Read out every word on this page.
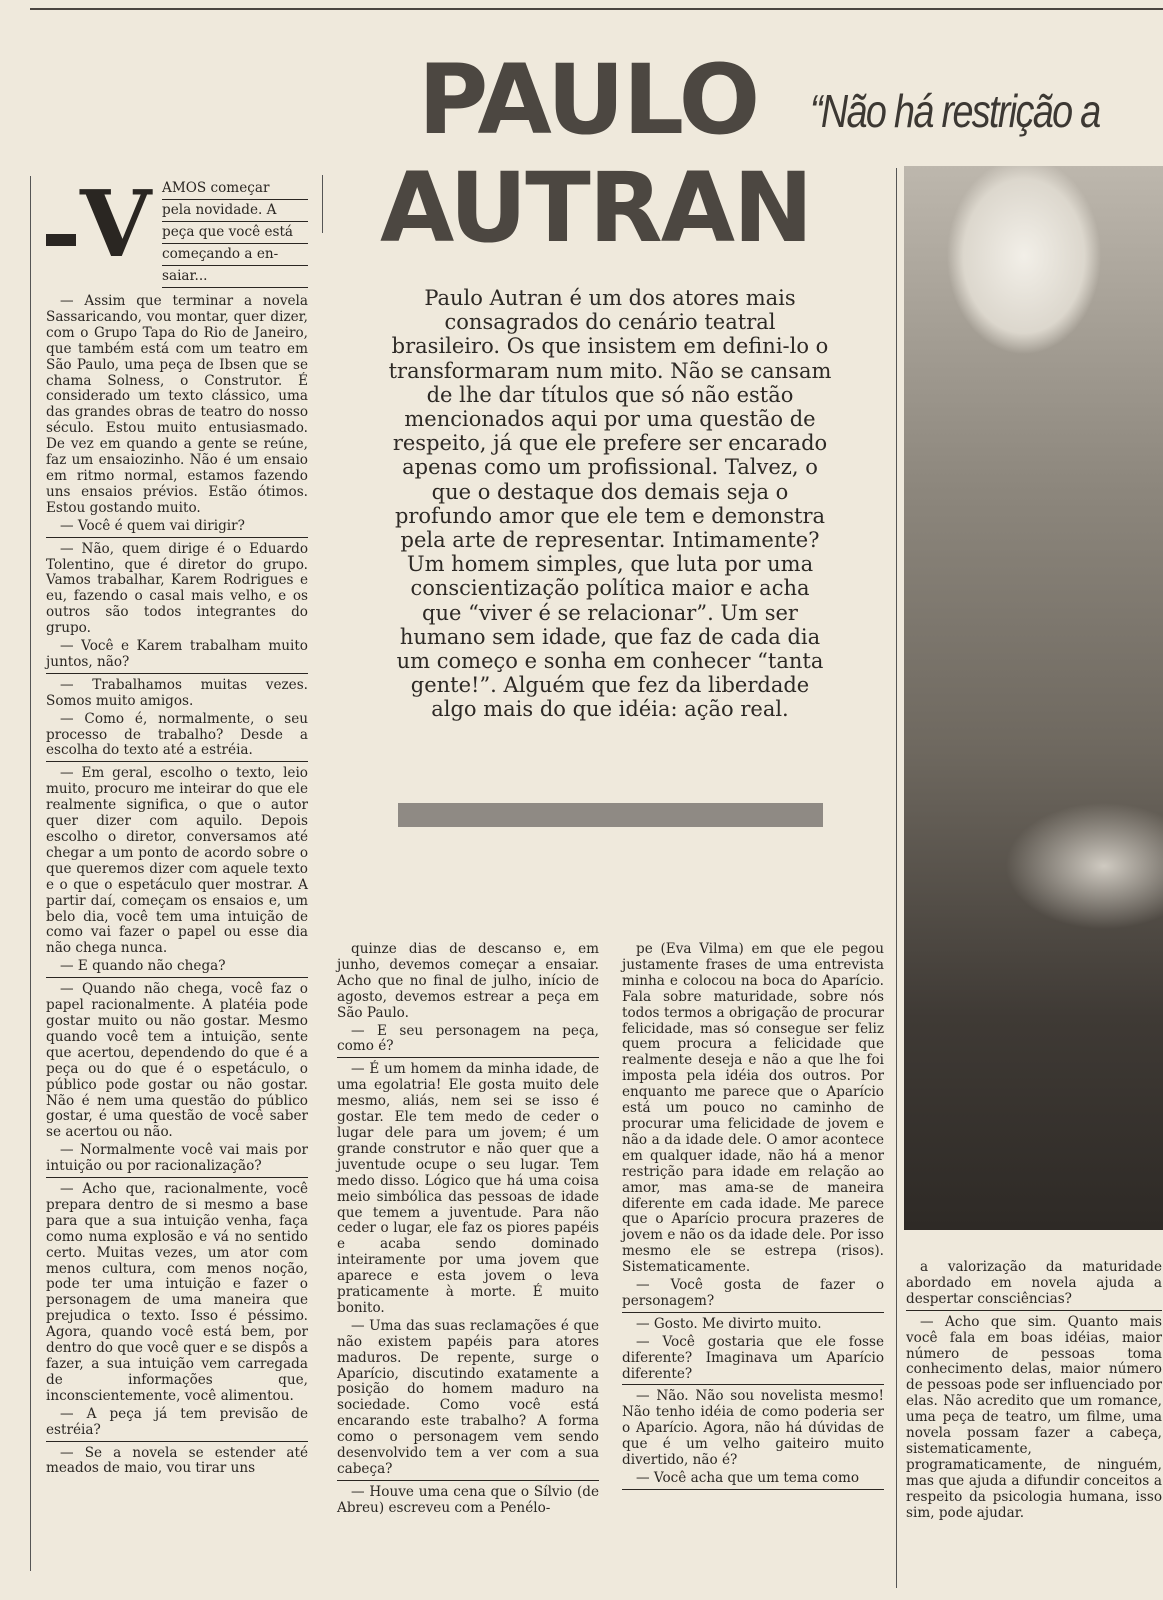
PAULO
AUTRAN
“Não há restrição a
Paulo Autran é um dos atores mais consagrados do cenário teatral brasileiro. Os que insistem em defini-lo o transformaram num mito. Não se cansam de lhe dar títulos que só não estão mencionados aqui por uma questão de respeito, já que ele prefere ser encarado apenas como um profissional. Talvez, o que o destaque dos demais seja o profundo amor que ele tem e demonstra pela arte de representar. Intimamente? Um homem simples, que luta por uma conscientização política maior e acha que “viver é se relacionar”. Um ser humano sem idade, que faz de cada dia um começo e sonha em conhecer “tanta gente!”. Alguém que fez da liberdade algo mais do que idéia: ação real.
V AMOS começar
pela novidade. A
peça que você está
começando a en-
saiar...

— Assim que terminar a novela Sassaricando, vou montar, quer dizer, com o Grupo Tapa do Rio de Janeiro, que também está com um teatro em São Paulo, uma peça de Ibsen que se chama Solness, o Construtor. É considerado um texto clássico, uma das grandes obras de teatro do nosso século. Estou muito entusiasmado. De vez em quando a gente se reúne, faz um ensaiozinho. Não é um ensaio em ritmo normal, estamos fazendo uns ensaios prévios. Estão ótimos. Estou gostando muito.

— Você é quem vai dirigir?

— Não, quem dirige é o Eduardo Tolentino, que é diretor do grupo. Vamos trabalhar, Karem Rodrigues e eu, fazendo o casal mais velho, e os outros são todos integrantes do grupo.

— Você e Karem trabalham muito juntos, não?

— Trabalhamos muitas vezes. Somos muito amigos.

— Como é, normalmente, o seu processo de trabalho? Desde a escolha do texto até a estréia.

— Em geral, escolho o texto, leio muito, procuro me inteirar do que ele realmente significa, o que o autor quer dizer com aquilo. Depois escolho o diretor, conversamos até chegar a um ponto de acordo sobre o que queremos dizer com aquele texto e o que o espetáculo quer mostrar. A partir daí, começam os ensaios e, um belo dia, você tem uma intuição de como vai fazer o papel ou esse dia não chega nunca.

— E quando não chega?

— Quando não chega, você faz o papel racionalmente. A platéia pode gostar muito ou não gostar. Mesmo quando você tem a intuição, sente que acertou, dependendo do que é a peça ou do que é o espetáculo, o público pode gostar ou não gostar. Não é nem uma questão do público gostar, é uma questão de você saber se acertou ou não.

— Normalmente você vai mais por intuição ou por racionalização?

— Acho que, racionalmente, você prepara dentro de si mesmo a base para que a sua intuição venha, faça como numa explosão e vá no sentido certo. Muitas vezes, um ator com menos cultura, com menos noção, pode ter uma intuição e fazer o personagem de uma maneira que prejudica o texto. Isso é péssimo. Agora, quando você está bem, por dentro do que você quer e se dispôs a fazer, a sua intuição vem carregada de informações que, inconscientemente, você alimentou.

— A peça já tem previsão de estréia?

— Se a novela se estender até meados de maio, vou tirar uns

quinze dias de descanso e, em junho, devemos começar a ensaiar. Acho que no final de julho, início de agosto, devemos estrear a peça em São Paulo.

— E seu personagem na peça, como é?

— É um homem da minha idade, de uma egolatria! Ele gosta muito dele mesmo, aliás, nem sei se isso é gostar. Ele tem medo de ceder o lugar dele para um jovem; é um grande construtor e não quer que a juventude ocupe o seu lugar. Tem medo disso. Lógico que há uma coisa meio simbólica das pessoas de idade que temem a juventude. Para não ceder o lugar, ele faz os piores papéis e acaba sendo dominado inteiramente por uma jovem que aparece e esta jovem o leva praticamente à morte. É muito bonito.

— Uma das suas reclamações é que não existem papéis para atores maduros. De repente, surge o Aparício, discutindo exatamente a posição do homem maduro na sociedade. Como você está encarando este trabalho? A forma como o personagem vem sendo desenvolvido tem a ver com a sua cabeça?

— Houve uma cena que o Sílvio (de Abreu) escreveu com a Penélo-

pe (Eva Vilma) em que ele pegou justamente frases de uma entrevista minha e colocou na boca do Aparício. Fala sobre maturidade, sobre nós todos termos a obrigação de procurar felicidade, mas só consegue ser feliz quem procura a felicidade que realmente deseja e não a que lhe foi imposta pela idéia dos outros. Por enquanto me parece que o Aparício está um pouco no caminho de procurar uma felicidade de jovem e não a da idade dele. O amor acontece em qualquer idade, não há a menor restrição para idade em relação ao amor, mas ama-se de maneira diferente em cada idade. Me parece que o Aparício procura prazeres de jovem e não os da idade dele. Por isso mesmo ele se estrepa (risos). Sistematicamente.

— Você gosta de fazer o personagem?

— Gosto. Me divirto muito.

— Você gostaria que ele fosse diferente? Imaginava um Aparício diferente?

— Não. Não sou novelista mesmo! Não tenho idéia de como poderia ser o Aparício. Agora, não há dúvidas de que é um velho gaiteiro muito divertido, não é?

— Você acha que um tema como

a valorização da maturidade abordado em novela ajuda a despertar consciências?

— Acho que sim. Quanto mais você fala em boas idéias, maior número de pessoas toma conhecimento delas, maior número de pessoas pode ser influenciado por elas. Não acredito que um romance, uma peça de teatro, um filme, uma novela possam fazer a cabeça, sistematicamente, programaticamente, de ninguém, mas que ajuda a difundir conceitos a respeito da psicologia humana, isso sim, pode ajudar.
